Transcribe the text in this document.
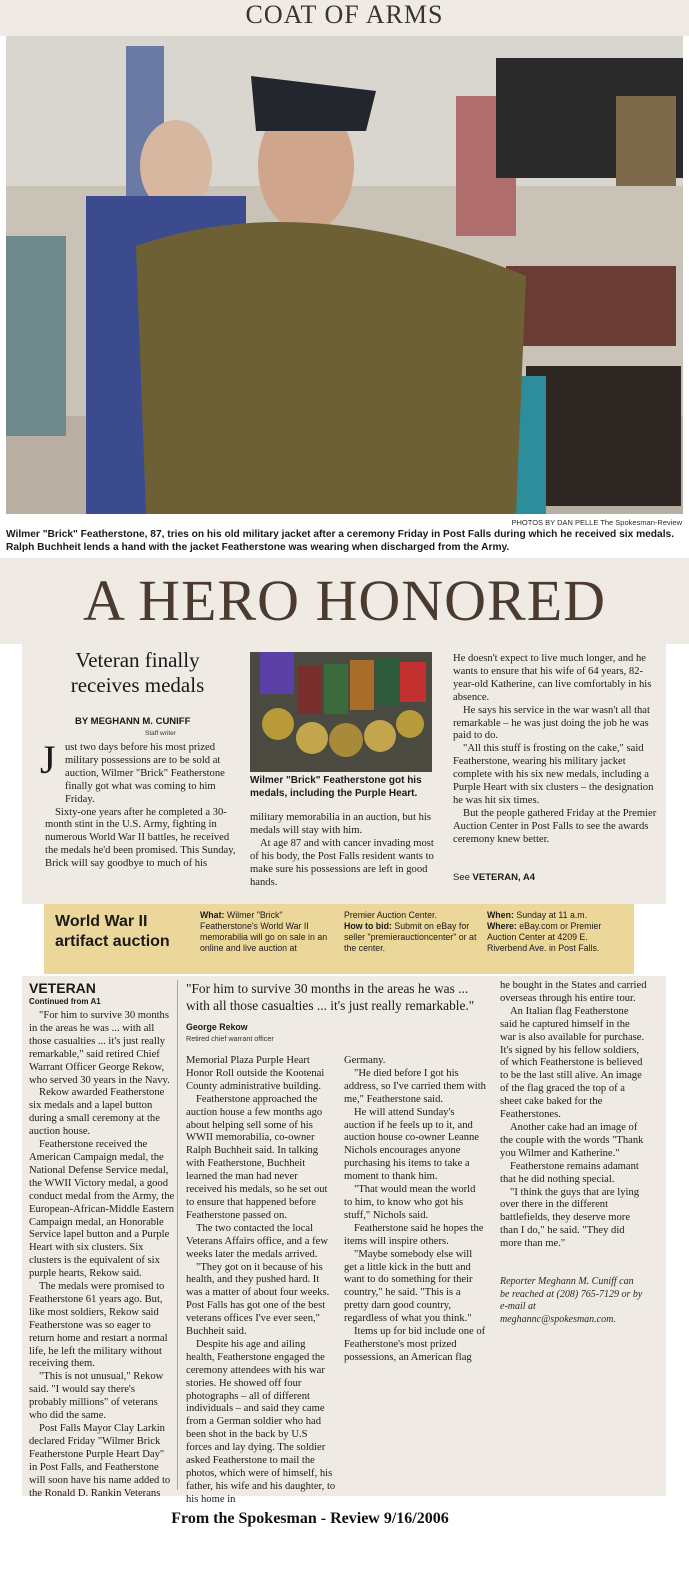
COAT OF ARMS
PHOTOS BY DAN PELLE The Spokesman-Review
Wilmer "Brick" Featherstone, 87, tries on his old military jacket after a ceremony Friday in Post Falls during which he received six medals. Ralph Buchheit lends a hand with the jacket Featherstone was wearing when discharged from the Army.
A HERO HONORED
Veteran finally receives medals
BY MEGHANN M. CUNIFF
Staff writer
J ust two days before his most prized military possessions are to be sold at auction, Wilmer "Brick" Featherstone finally got what was coming to him Friday.

Sixty-one years after he completed a 30-month stint in the U.S. Army, fighting in numerous World War II battles, he received the medals he'd been promised. This Sunday, Brick will say goodbye to much of his

Wilmer "Brick" Featherstone got his medals, including the Purple Heart.

military memorabilia in an auction, but his medals will stay with him.

At age 87 and with cancer invading most of his body, the Post Falls resident wants to make sure his possessions are left in good hands.

He doesn't expect to live much longer, and he wants to ensure that his wife of 64 years, 82-year-old Katherine, can live comfortably in his absence.

He says his service in the war wasn't all that remarkable – he was just doing the job he was paid to do.

"All this stuff is frosting on the cake," said Featherstone, wearing his military jacket complete with his six new medals, including a Purple Heart with six clusters – the designation he was hit six times.

But the people gathered Friday at the Premier Auction Center in Post Falls to see the awards ceremony knew better.

See VETERAN, A4
World War II artifact auction
What: Wilmer "Brick" Featherstone's World War II memorabilia will go on sale in an online and live auction at
Premier Auction Center.
How to bid: Submit on eBay for seller "premierauctioncenter" or at the center.
When: Sunday at 11 a.m.
Where: eBay.com or Premier Auction Center at 4209 E. Riverbend Ave. in Post Falls.
VETERAN
Continued from A1

"For him to survive 30 months in the areas he was ... with all those casualties ... it's just really remarkable," said retired Chief Warrant Officer George Rekow, who served 30 years in the Navy.

Rekow awarded Featherstone six medals and a lapel button during a small ceremony at the auction house.

Featherstone received the American Campaign medal, the National Defense Service medal, the WWII Victory medal, a good conduct medal from the Army, the European-African-Middle Eastern Campaign medal, an Honorable Service lapel button and a Purple Heart with six clusters. Six clusters is the equivalent of six purple hearts, Rekow said.

The medals were promised to Featherstone 61 years ago. But, like most soldiers, Rekow said Featherstone was so eager to return home and restart a normal life, he left the military without receiving them.

"This is not unusual," Rekow said. "I would say there's probably millions" of veterans who did the same.

Post Falls Mayor Clay Larkin declared Friday "Wilmer Brick Featherstone Purple Heart Day" in Post Falls, and Featherstone will soon have his name added to the Ronald D. Rankin Veterans

"For him to survive 30 months in the areas he was ... with all those casualties ... it's just really remarkable."
George Rekow
Retired chief warrant officer

Memorial Plaza Purple Heart Honor Roll outside the Kootenai County administrative building.

Featherstone approached the auction house a few months ago about helping sell some of his WWII memorabilia, co-owner Ralph Buchheit said. In talking with Featherstone, Buchheit learned the man had never received his medals, so he set out to ensure that happened before Featherstone passed on.

The two contacted the local Veterans Affairs office, and a few weeks later the medals arrived.

"They got on it because of his health, and they pushed hard. It was a matter of about four weeks. Post Falls has got one of the best veterans offices I've ever seen," Buchheit said.

Despite his age and ailing health, Featherstone engaged the ceremony attendees with his war stories. He showed off four photographs – all of different individuals – and said they came from a German soldier who had been shot in the back by U.S forces and lay dying. The soldier asked Featherstone to mail the photos, which were of himself, his father, his wife and his daughter, to his home in

Germany.

"He died before I got his address, so I've carried them with me," Featherstone said.

He will attend Sunday's auction if he feels up to it, and auction house co-owner Leanne Nichols encourages anyone purchasing his items to take a moment to thank him.

"That would mean the world to him, to know who got his stuff," Nichols said.

Featherstone said he hopes the items will inspire others.

"Maybe somebody else will get a little kick in the butt and want to do something for their country," he said. "This is a pretty darn good country, regardless of what you think."

Items up for bid include one of Featherstone's most prized possessions, an American flag

he bought in the States and carried overseas through his entire tour.

An Italian flag Featherstone said he captured himself in the war is also available for purchase. It's signed by his fellow soldiers, of which Featherstone is believed to be the last still alive. An image of the flag graced the top of a sheet cake baked for the Featherstones.

Another cake had an image of the couple with the words "Thank you Wilmer and Katherine."

Featherstone remains adamant that he did nothing special.

"I think the guys that are lying over there in the different battlefields, they deserve more than I do," he said. "They did more than me."

Reporter Meghann M. Cuniff can be reached at (208) 765-7129 or by e-mail at meghannc@spokesman.com.
From the Spokesman - Review 9/16/2006
